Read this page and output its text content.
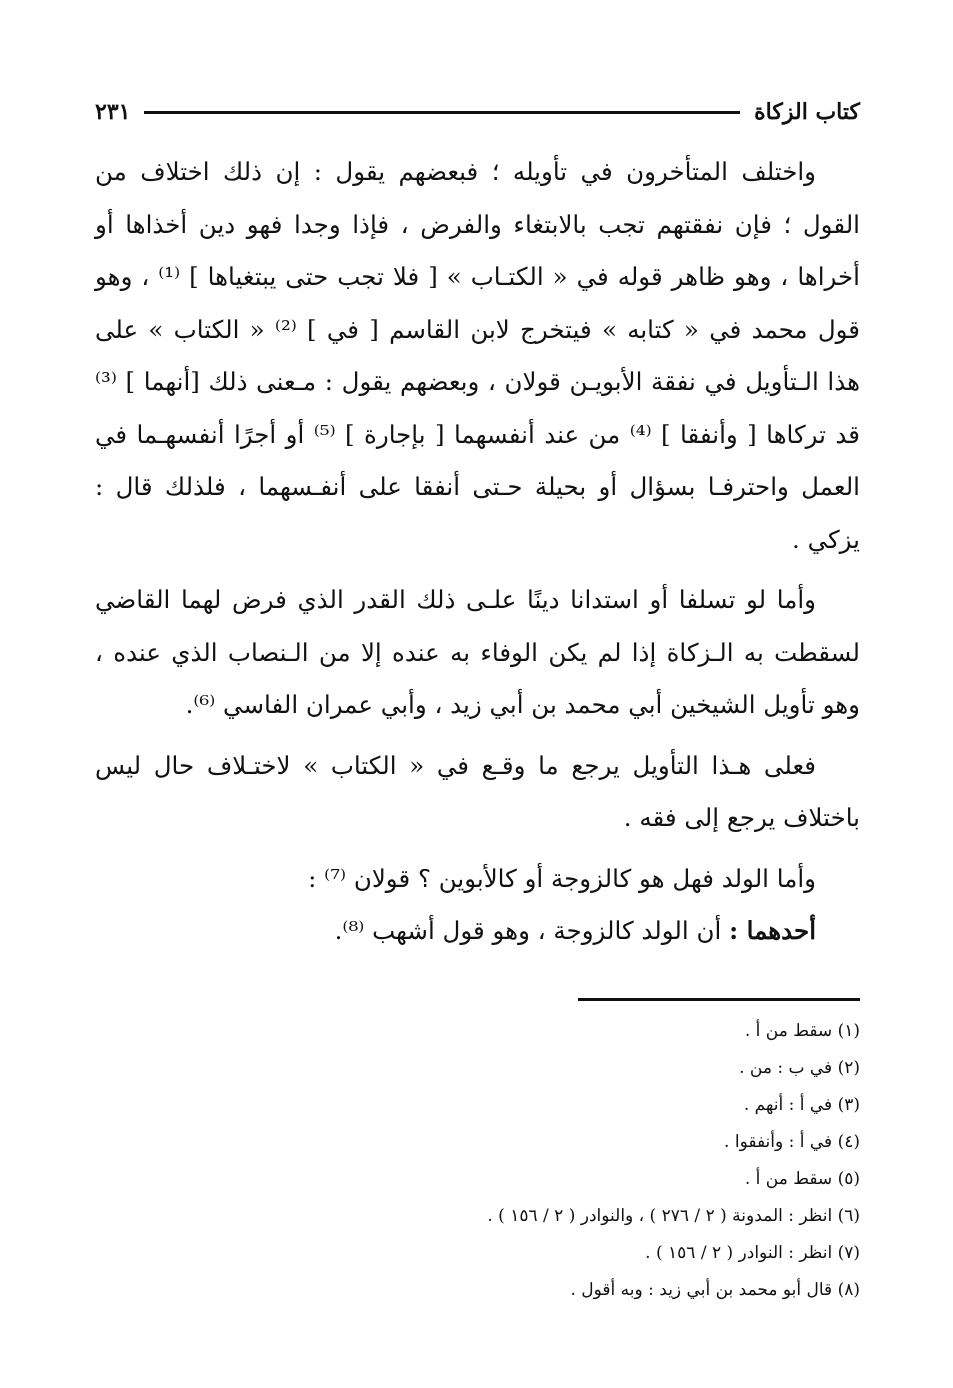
كتاب الزكاة
٢٣١

واختلف المتأخرون في تأويله ؛ فبعضهم يقول : إن ذلك اختلاف من القول ؛ فإن نفقتهم تجب بالابتغاء والفرض ، فإذا وجدا فهو دين أخذاها أو أخراها ، وهو ظاهر قوله في « الكتـاب » [ فلا تجب حتى يبتغياها ] ⁽¹⁾ ، وهو قول محمد في « كتابه » فيتخرج لابن القاسم [ في ] ⁽²⁾ « الكتاب » على هذا الـتأويل في نفقة الأبويـن قولان ، وبعضهم يقول : مـعنى ذلك [أنهما ] ⁽³⁾ قد تركاها [ وأنفقا ] ⁽⁴⁾ من عند أنفسهما [ بإجارة ] ⁽⁵⁾ أو أجرًا أنفسهـما في العمل واحترفـا بسؤال أو بحيلة حـتى أنفقا على أنفـسهما ، فلذلك قال : يزكي .

وأما لو تسلفا أو استدانا دينًا علـى ذلك القدر الذي فرض لهما القاضي لسقطت به الـزكاة إذا لم يكن الوفاء به عنده إلا من الـنصاب الذي عنده ، وهو تأويل الشيخين أبي محمد بن أبي زيد ، وأبي عمران الفاسي ⁽⁶⁾.

فعلى هـذا التأويل يرجع ما وقـع في « الكتاب » لاختـلاف حال ليس باختلاف يرجع إلى فقه .

وأما الولد فهل هو كالزوجة أو كالأبوين ؟ قولان ⁽⁷⁾ :

أحدهما : أن الولد كالزوجة ، وهو قول أشهب ⁽⁸⁾.

(١) سقط من أ .
(٢) في ب : من .
(٣) في أ : أنهم .
(٤) في أ : وأنفقوا .
(٥) سقط من أ .
(٦) انظر : المدونة ( ٢ / ٢٧٦ ) ، والنوادر ( ٢ / ١٥٦ ) .
(٧) انظر : النوادر ( ٢ / ١٥٦ ) .
(٨) قال أبو محمد بن أبي زيد : وبه أقول .
